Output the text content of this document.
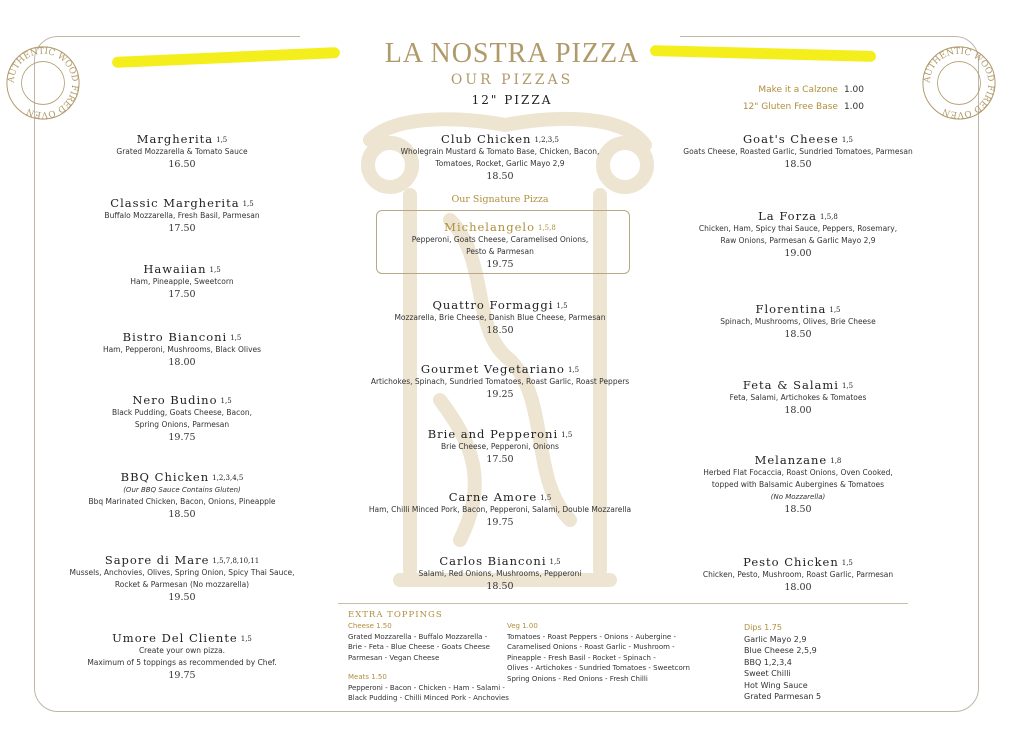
AUTHENTIC WOOD FIRED OVEN
AUTHENTIC WOOD FIRED OVEN
LA NOSTRA PIZZA
OUR PIZZAS
12" PIZZA
Make it a Calzone 1.00
12" Gluten Free Base 1.00
Our Signature Pizza
Margherita 1,5
Grated Mozzarella & Tomato Sauce
16.50
Classic Margherita 1,5
Buffalo Mozzarella, Fresh Basil, Parmesan
17.50
Hawaiian 1,5
Ham, Pineapple, Sweetcorn
17.50
Bistro Bianconi 1,5
Ham, Pepperoni, Mushrooms, Black Olives
18.00
Nero Budino 1,5
Black Pudding, Goats Cheese, Bacon,
Spring Onions, Parmesan
19.75
BBQ Chicken 1,2,3,4,5
(Our BBQ Sauce Contains Gluten)
Bbq Marinated Chicken, Bacon, Onions, Pineapple
18.50
Sapore di Mare 1,5,7,8,10,11
Mussels, Anchovies, Olives, Spring Onion, Spicy Thai Sauce,
Rocket & Parmesan (No mozzarella)
19.50
Umore Del Cliente 1,5
Create your own pizza.
Maximum of 5 toppings as recommended by Chef.
19.75
Club Chicken 1,2,3,5
Wholegrain Mustard & Tomato Base, Chicken, Bacon,
Tomatoes, Rocket, Garlic Mayo 2,9
18.50
Michelangelo 1,5,8
Pepperoni, Goats Cheese, Caramelised Onions,
Pesto & Parmesan
19.75
Quattro Formaggi 1,5
Mozzarella, Brie Cheese, Danish Blue Cheese, Parmesan
18.50
Gourmet Vegetariano 1,5
Artichokes, Spinach, Sundried Tomatoes, Roast Garlic, Roast Peppers
19.25
Brie and Pepperoni 1,5
Brie Cheese, Pepperoni, Onions
17.50
Carne Amore 1,5
Ham, Chilli Minced Pork, Bacon, Pepperoni, Salami, Double Mozzarella
19.75
Carlos Bianconi 1,5
Salami, Red Onions, Mushrooms, Pepperoni
18.50
Goat's Cheese 1,5
Goats Cheese, Roasted Garlic, Sundried Tomatoes, Parmesan
18.50
La Forza 1,5,8
Chicken, Ham, Spicy thai Sauce, Peppers, Rosemary,
Raw Onions, Parmesan & Garlic Mayo 2,9
19.00
Florentina 1,5
Spinach, Mushrooms, Olives, Brie Cheese
18.50
Feta & Salami 1,5
Feta, Salami, Artichokes & Tomatoes
18.00
Melanzane 1,8
Herbed Flat Focaccia, Roast Onions, Oven Cooked,
topped with Balsamic Aubergines & Tomatoes
(No Mozzarella)
18.50
Pesto Chicken 1,5
Chicken, Pesto, Mushroom, Roast Garlic, Parmesan
18.00
EXTRA TOPPINGS
Cheese 1.50
Grated Mozzarella - Buffalo Mozzarella -
Brie - Feta - Blue Cheese - Goats Cheese
Parmesan - Vegan Cheese
Meats 1.50
Pepperoni - Bacon - Chicken - Ham - Salami -
Black Pudding - Chilli Minced Pork - Anchovies
Veg 1.00
Tomatoes - Roast Peppers - Onions - Aubergine -
Caramelised Onions - Roast Garlic - Mushroom -
Pineapple - Fresh Basil - Rocket - Spinach -
Olives - Artichokes - Sundried Tomatoes - Sweetcorn
Spring Onions - Red Onions - Fresh Chilli
Dips 1.75
Garlic Mayo 2,9
Blue Cheese 2,5,9
BBQ 1,2,3,4
Sweet Chilli
Hot Wing Sauce
Grated Parmesan 5
